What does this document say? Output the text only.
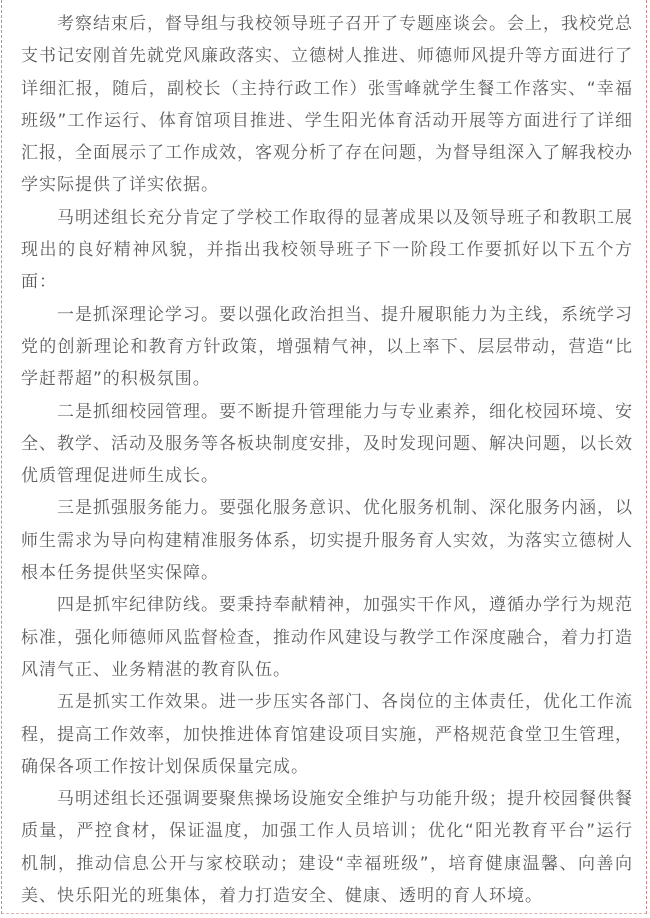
考察结束后，督导组与我校领导班子召开了专题座谈会。会上，我校党总支书记安刚首先就党风廉政落实、立德树人推进、师德师风提升等方面进行了详细汇报，随后，副校长（主持行政工作）张雪峰就学生餐工作落实、“幸福班级”工作运行、体育馆项目推进、学生阳光体育活动开展等方面进行了详细汇报，全面展示了工作成效，客观分析了存在问题，为督导组深入了解我校办学实际提供了详实依据。

马明述组长充分肯定了学校工作取得的显著成果以及领导班子和教职工展现出的良好精神风貌，并指出我校领导班子下一阶段工作要抓好以下五个方面：

一是抓深理论学习。要以强化政治担当、提升履职能力为主线，系统学习党的创新理论和教育方针政策，增强精气神，以上率下、层层带动，营造“比学赶帮超”的积极氛围。

二是抓细校园管理。要不断提升管理能力与专业素养，细化校园环境、安全、教学、活动及服务等各板块制度安排，及时发现问题、解决问题，以长效优质管理促进师生成长。

三是抓强服务能力。要强化服务意识、优化服务机制、深化服务内涵，以师生需求为导向构建精准服务体系，切实提升服务育人实效，为落实立德树人根本任务提供坚实保障。

四是抓牢纪律防线。要秉持奉献精神，加强实干作风，遵循办学行为规范标准，强化师德师风监督检查，推动作风建设与教学工作深度融合，着力打造风清气正、业务精湛的教育队伍。

五是抓实工作效果。进一步压实各部门、各岗位的主体责任，优化工作流程，提高工作效率，加快推进体育馆建设项目实施，严格规范食堂卫生管理，确保各项工作按计划保质保量完成。

马明述组长还强调要聚焦操场设施安全维护与功能升级；提升校园餐供餐质量，严控食材，保证温度，加强工作人员培训；优化“阳光教育平台”运行机制，推动信息公开与家校联动；建设“幸福班级”，培育健康温馨、向善向美、快乐阳光的班集体，着力打造安全、健康、透明的育人环境。
